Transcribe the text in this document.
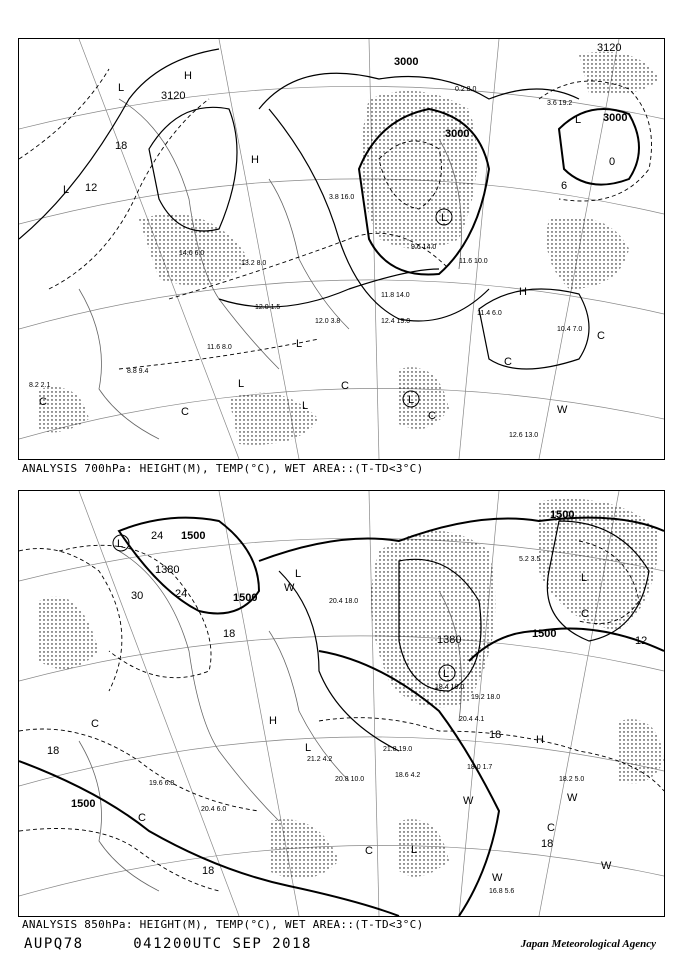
3000
3000
3000
3120
3120
18
6
0
12
L
H
L
H
L
L
H
L
L
L	L
C
C
C
C
C
C
W
12.6 13.0
11.4 6.0
10.4 7.0
11.8 14.0
12.4 19.0
11.6 8.0
12.0 3.8
11.6 10.0
8.8 9.4
8.2 2.1
14.6 6.0
13.2 8.0
12.0 1.5
3.6 19.2
0.2 8.0
9.6 14.0
3.8 16.0
ANALYSIS 700hPa: HEIGHT(M), TEMP(°C), WET AREA::(T-TD<3°C)
1500
1500
1500
1500
1500
1380
1380
24
24
30
18
18
18
18
18
12
L
L	L
H
H
L
L
L
W
W	W
W
W
C
C
C
C
C
18.0 1.7
18.2 5.0
16.8 5.6
20.4 6.0
19.6 6.8
18.6 4.2
20.8 10.0
21.8 19.0
21.2 4.2
20.4 4.1
18.4 10.0
19.2 18.0
5.2 3.5
20.4 18.0
ANALYSIS 850hPa: HEIGHT(M), TEMP(°C), WET AREA::(T-TD<3°C)
AUPQ78	041200UTC SEP 2018	Japan Meteorological Agency
